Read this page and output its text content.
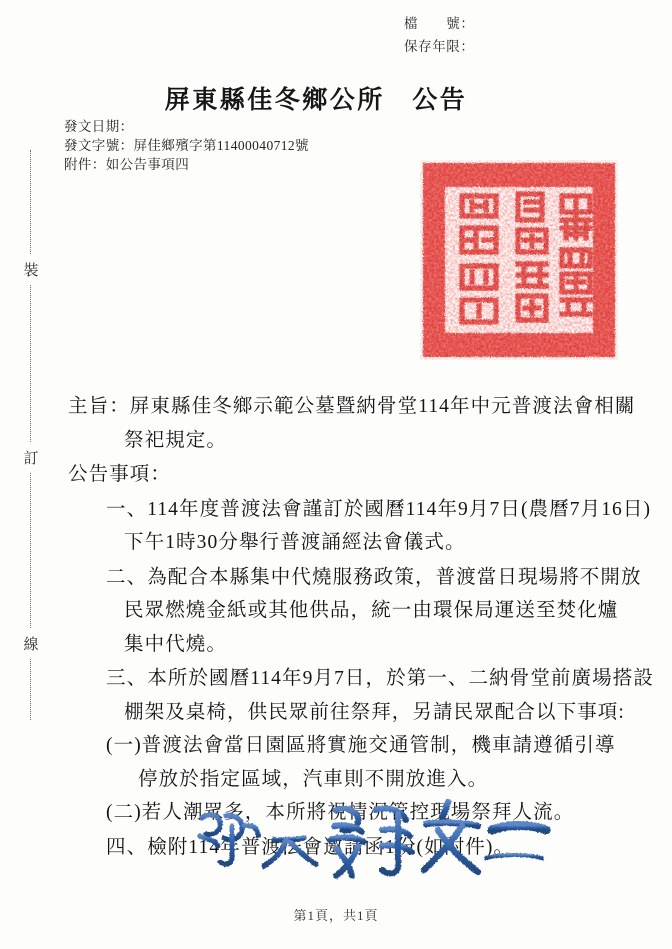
檔　　號：
保存年限：
屏東縣佳冬鄉公所　公告
發文日期：
發文字號：屏佳鄉殯字第11400040712號
附件：如公告事項四
裝
訂
線
主旨：屏東縣佳冬鄉示範公墓暨納骨堂114年中元普渡法會相關
祭祀規定。
公告事項：
一、114年度普渡法會謹訂於國曆114年9月7日(農曆7月16日)
下午1時30分舉行普渡誦經法會儀式。
二、為配合本縣集中代燒服務政策，普渡當日現場將不開放
民眾燃燒金紙或其他供品，統一由環保局運送至焚化爐
集中代燒。
三、本所於國曆114年9月7日，於第一、二納骨堂前廣場搭設
棚架及桌椅，供民眾前往祭拜，另請民眾配合以下事項:
(一)普渡法會當日園區將實施交通管制，機車請遵循引導
停放於指定區域，汽車則不開放進入。
(二)若人潮眾多，本所將視情況管控現場祭拜人流。
四、檢附114年普渡法會邀請函1份(如附件)。
第1頁，共1頁
